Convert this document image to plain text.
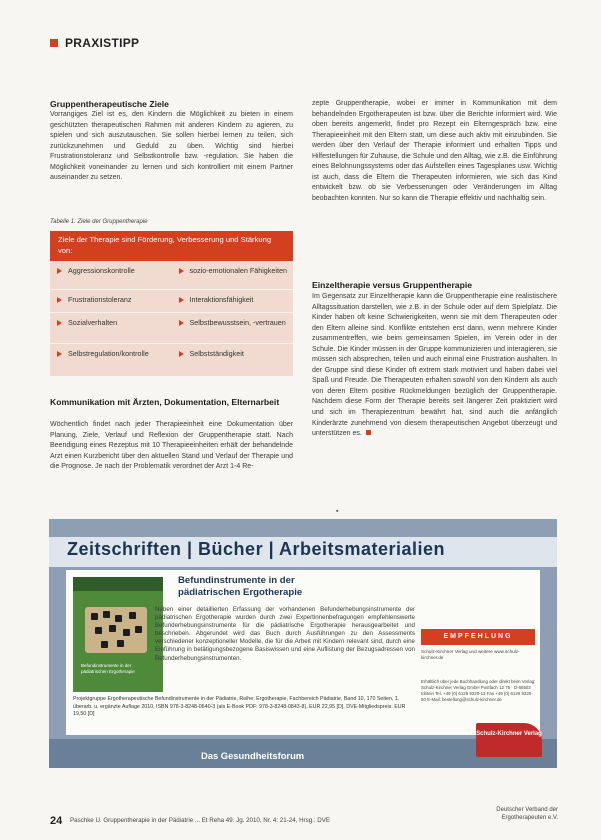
PRAXISTIPP
Gruppentherapeutische Ziele

Vorrangiges Ziel ist es, den Kindern die Möglichkeit zu bieten in einem geschützten therapeutischen Rahmen mit anderen Kindern zu agieren, zu spielen und sich auszutauschen. Sie sollen hierbei lernen zu teilen, sich zurückzunehmen und Geduld zu üben. Wichtig sind hierbei Frustrationstoleranz und Selbstkontrolle bzw. -regulation. Sie haben die Möglichkeit voneinander zu lernen und sich kontrolliert mit einem Partner auseinander zu setzen.

Tabelle 1: Ziele der Gruppentherapie
Ziele der Therapie sind Förderung, Verbesserung und Stärkung von:
Aggressionskontrolle	sozio-emotionalen Fähigkeiten
Frustrationstoleranz	Interaktionsfähigkeit
Sozialverhalten	Selbstbewusstsein, -vertrauen
Selbstregulation/kontrolle	Selbstständigkeit
Kommunikation mit Ärzten, Dokumentation, Elternarbeit

Wöchentlich findet nach jeder Therapieeinheit eine Dokumentation über Planung, Ziele, Verlauf und Reflexion der Gruppentherapie statt. Nach Beendigung eines Rezeptus mit 10 Therapieeinheiten erhält der behandelnde Arzt einen Kurzbericht über den aktuellen Stand und Verlauf der Therapie und die Prognose. Je nach der Problematik verordnet der Arzt 1-4 Re-

zepte Gruppentherapie, wobei er immer in Kommunikation mit dem behandelnden Ergotherapeuten ist bzw. über die Berichte informiert wird. Wie oben bereits angemerkt, findet pro Rezept ein Elterngespräch bzw. eine Therapieeinheit mit den Eltern statt, um diese auch aktiv mit einzubinden. Sie werden über den Verlauf der Therapie informiert und erhalten Tipps und Hilfestellungen für Zuhause, die Schule und den Alltag, wie z.B. die Einführung eines Belohnungssystems oder das Aufstellen eines Tagesplanes usw. Wichtig ist auch, dass die Eltern die Therapeuten informieren, wie sich das Kind entwickelt bzw. ob sie Verbesserungen oder Veränderungen im Alltag beobachten konnten. Nur so kann die Therapie effektiv und nachhaltig sein.

Einzeltherapie versus Gruppentherapie

Im Gegensatz zur Einzeltherapie kann die Gruppentherapie eine realistischere Alltagssituation darstellen, wie z.B. in der Schule oder auf dem Spielplatz. Die Kinder haben oft keine Schwierigkeiten, wenn sie mit dem Therapeuten oder den Eltern alleine sind. Konflikte entstehen erst dann, wenn mehrere Kinder zusammentreffen, wie beim gemeinsamen Spielen, im Verein oder in der Schule. Die Kinder müssen in der Gruppe kommunizieren und interagieren, sie müssen sich absprechen, teilen und auch einmal eine Frustration aushalten. In der Gruppe sind diese Kinder oft extrem stark motiviert und haben dabei viel Spaß und Freude. Die Therapeuten erhalten sowohl von den Kindern als auch von deren Eltern positive Rückmeldungen bezüglich der Gruppentherapie. Nachdem diese Form der Therapie bereits seit längerer Zeit praktiziert wird und sich im Therapiezentrum bewährt hat, sind auch die anfänglich Kinderärzte zunehmend von diesem therapeutischen Angebot überzeugt und unterstützen es.

▪
Zeitschriften | Bücher | Arbeitsmaterialien
Befundinstrumente in der pädiatrischen Ergotherapie
Befundinstrumente in der
pädiatrischen Ergotherapie
Neben einer detaillierten Erfassung der vorhandenen Befunderhebungsinstrumente der pädiatrischen Ergotherapie wurden durch zwei Expertinnenbefragungen empfehlenswerte Befunderhebungsinstrumente für die pädiatrische Ergotherapie herausgearbeitet und beschrieben. Abgerundet wird das Buch durch Ausführungen zu den Assessments verschiedener konzeptioneller Modelle, die für die Arbeit mit Kindern relevant sind, durch eine Einführung in betätigungsbezogene Basiswissen und eine Auflistung der Bezugsadressen von Befunderhebungsinstrumenten.
EMPFEHLUNG
Schulz-Kirchner Verlag und weitere www.schulz-kirchner.de
Erhältlich über jede Buchhandlung oder direkt beim Verlag: Schulz-Kirchner Verlag GmbH Postfach 12 75 · D-65502 Idstein Tel. +49 (0) 6126 9320-13 Fax +49 (0) 6126 9320-50 E-Mail: bestellung@schulz-kirchner.de
Projektgruppe Ergotherapeutische Befundinstrumente in der Pädiatrie, Reihe: Ergotherapie, Fachbereich Pädiatrie, Band 10, 170 Seiten, 1. überarb. u. ergänzte Auflage 2010, ISBN 978-3-8248-0640-3 (als E-Book PDF: 978-3-8248-0843-8), EUR 22,95 [D], DVE-Mitgliedspreis: EUR 19,50 [D]
Das Gesundheitsforum
Schulz-Kirchner Verlag
24 Paschke U. Gruppentherapie in der Pädiatrie ... Et Reha 49. Jg. 2010, Nr. 4: 21-24, Hrsg.: DVE
Deutscher Verband der
Ergotherapeuten e.V.
